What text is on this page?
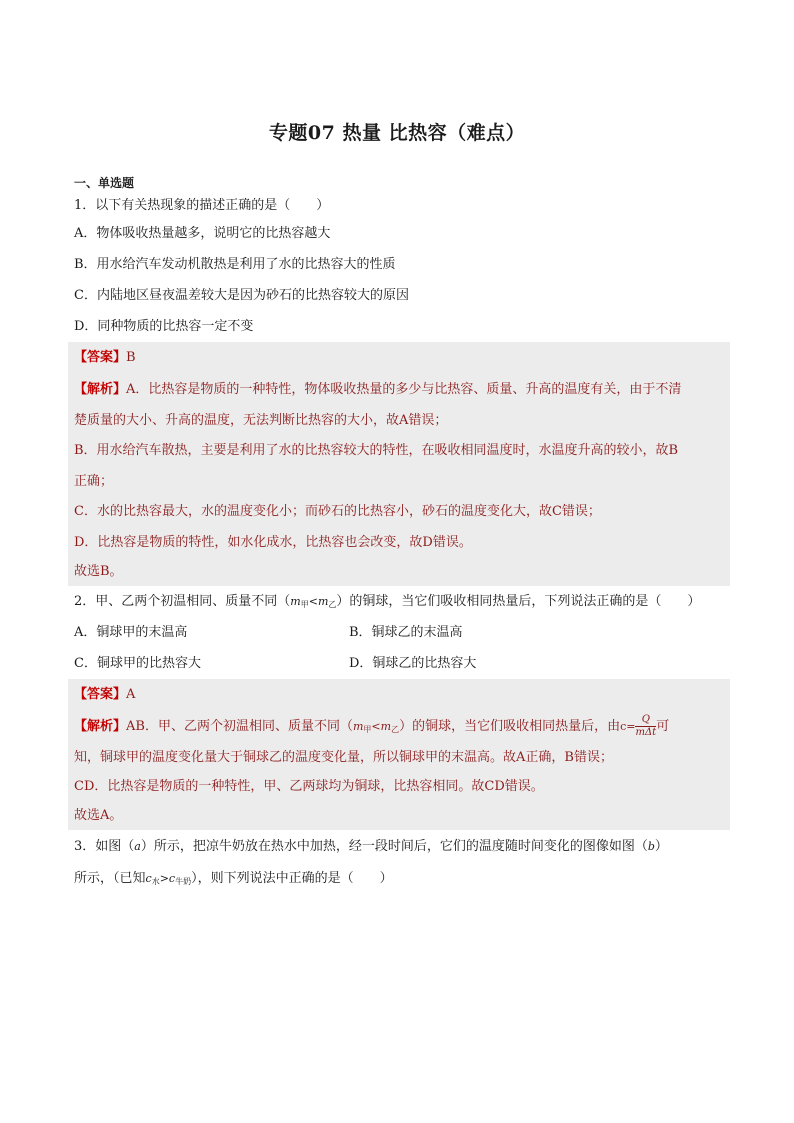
专题07 热量 比热容（难点）
一、单选题
1．以下有关热现象的描述正确的是（　　）
A．物体吸收热量越多，说明它的比热容越大
B．用水给汽车发动机散热是利用了水的比热容大的性质
C．内陆地区昼夜温差较大是因为砂石的比热容较大的原因
D．同种物质的比热容一定不变
【答案】B
【解析】A．比热容是物质的一种特性，物体吸收热量的多少与比热容、质量、升高的温度有关，由于不清
楚质量的大小、升高的温度，无法判断比热容的大小，故A错误；
B．用水给汽车散热，主要是利用了水的比热容较大的特性，在吸收相同温度时，水温度升高的较小，故B
正确；
C．水的比热容最大，水的温度变化小；而砂石的比热容小，砂石的温度变化大，故C错误；
D．比热容是物质的特性，如水化成水，比热容也会改变，故D错误。
故选B。
2．甲、乙两个初温相同、质量不同$(m_甲<m_乙)$的铜球，当它们吸收相同热量后，下列说法正确的是（　　）
A．铜球甲的末温高	B．铜球乙的末温高
C．铜球甲的比热容大	D．铜球乙的比热容大
【答案】A
【解析】AB．甲、乙两个初温相同、质量不同$(m_甲<m_乙)$的铜球，当它们吸收相同热量后，由$c= \frac{Q}{\text{mΔt}}$ 可
知，铜球甲的温度变化量大于铜球乙的温度变化量，所以铜球甲的末温高。故A正确，B错误；
CD．比热容是物质的一种特性，甲、乙两球均为铜球，比热容相同。故CD错误。
故选A。
3．如图（a）所示，把凉牛奶放在热水中加热，经一段时间后，它们的温度随时间变化的图像如图（b）
所示，（已知$c_水>c_{牛奶}$），则下列说法中正确的是（　　）
